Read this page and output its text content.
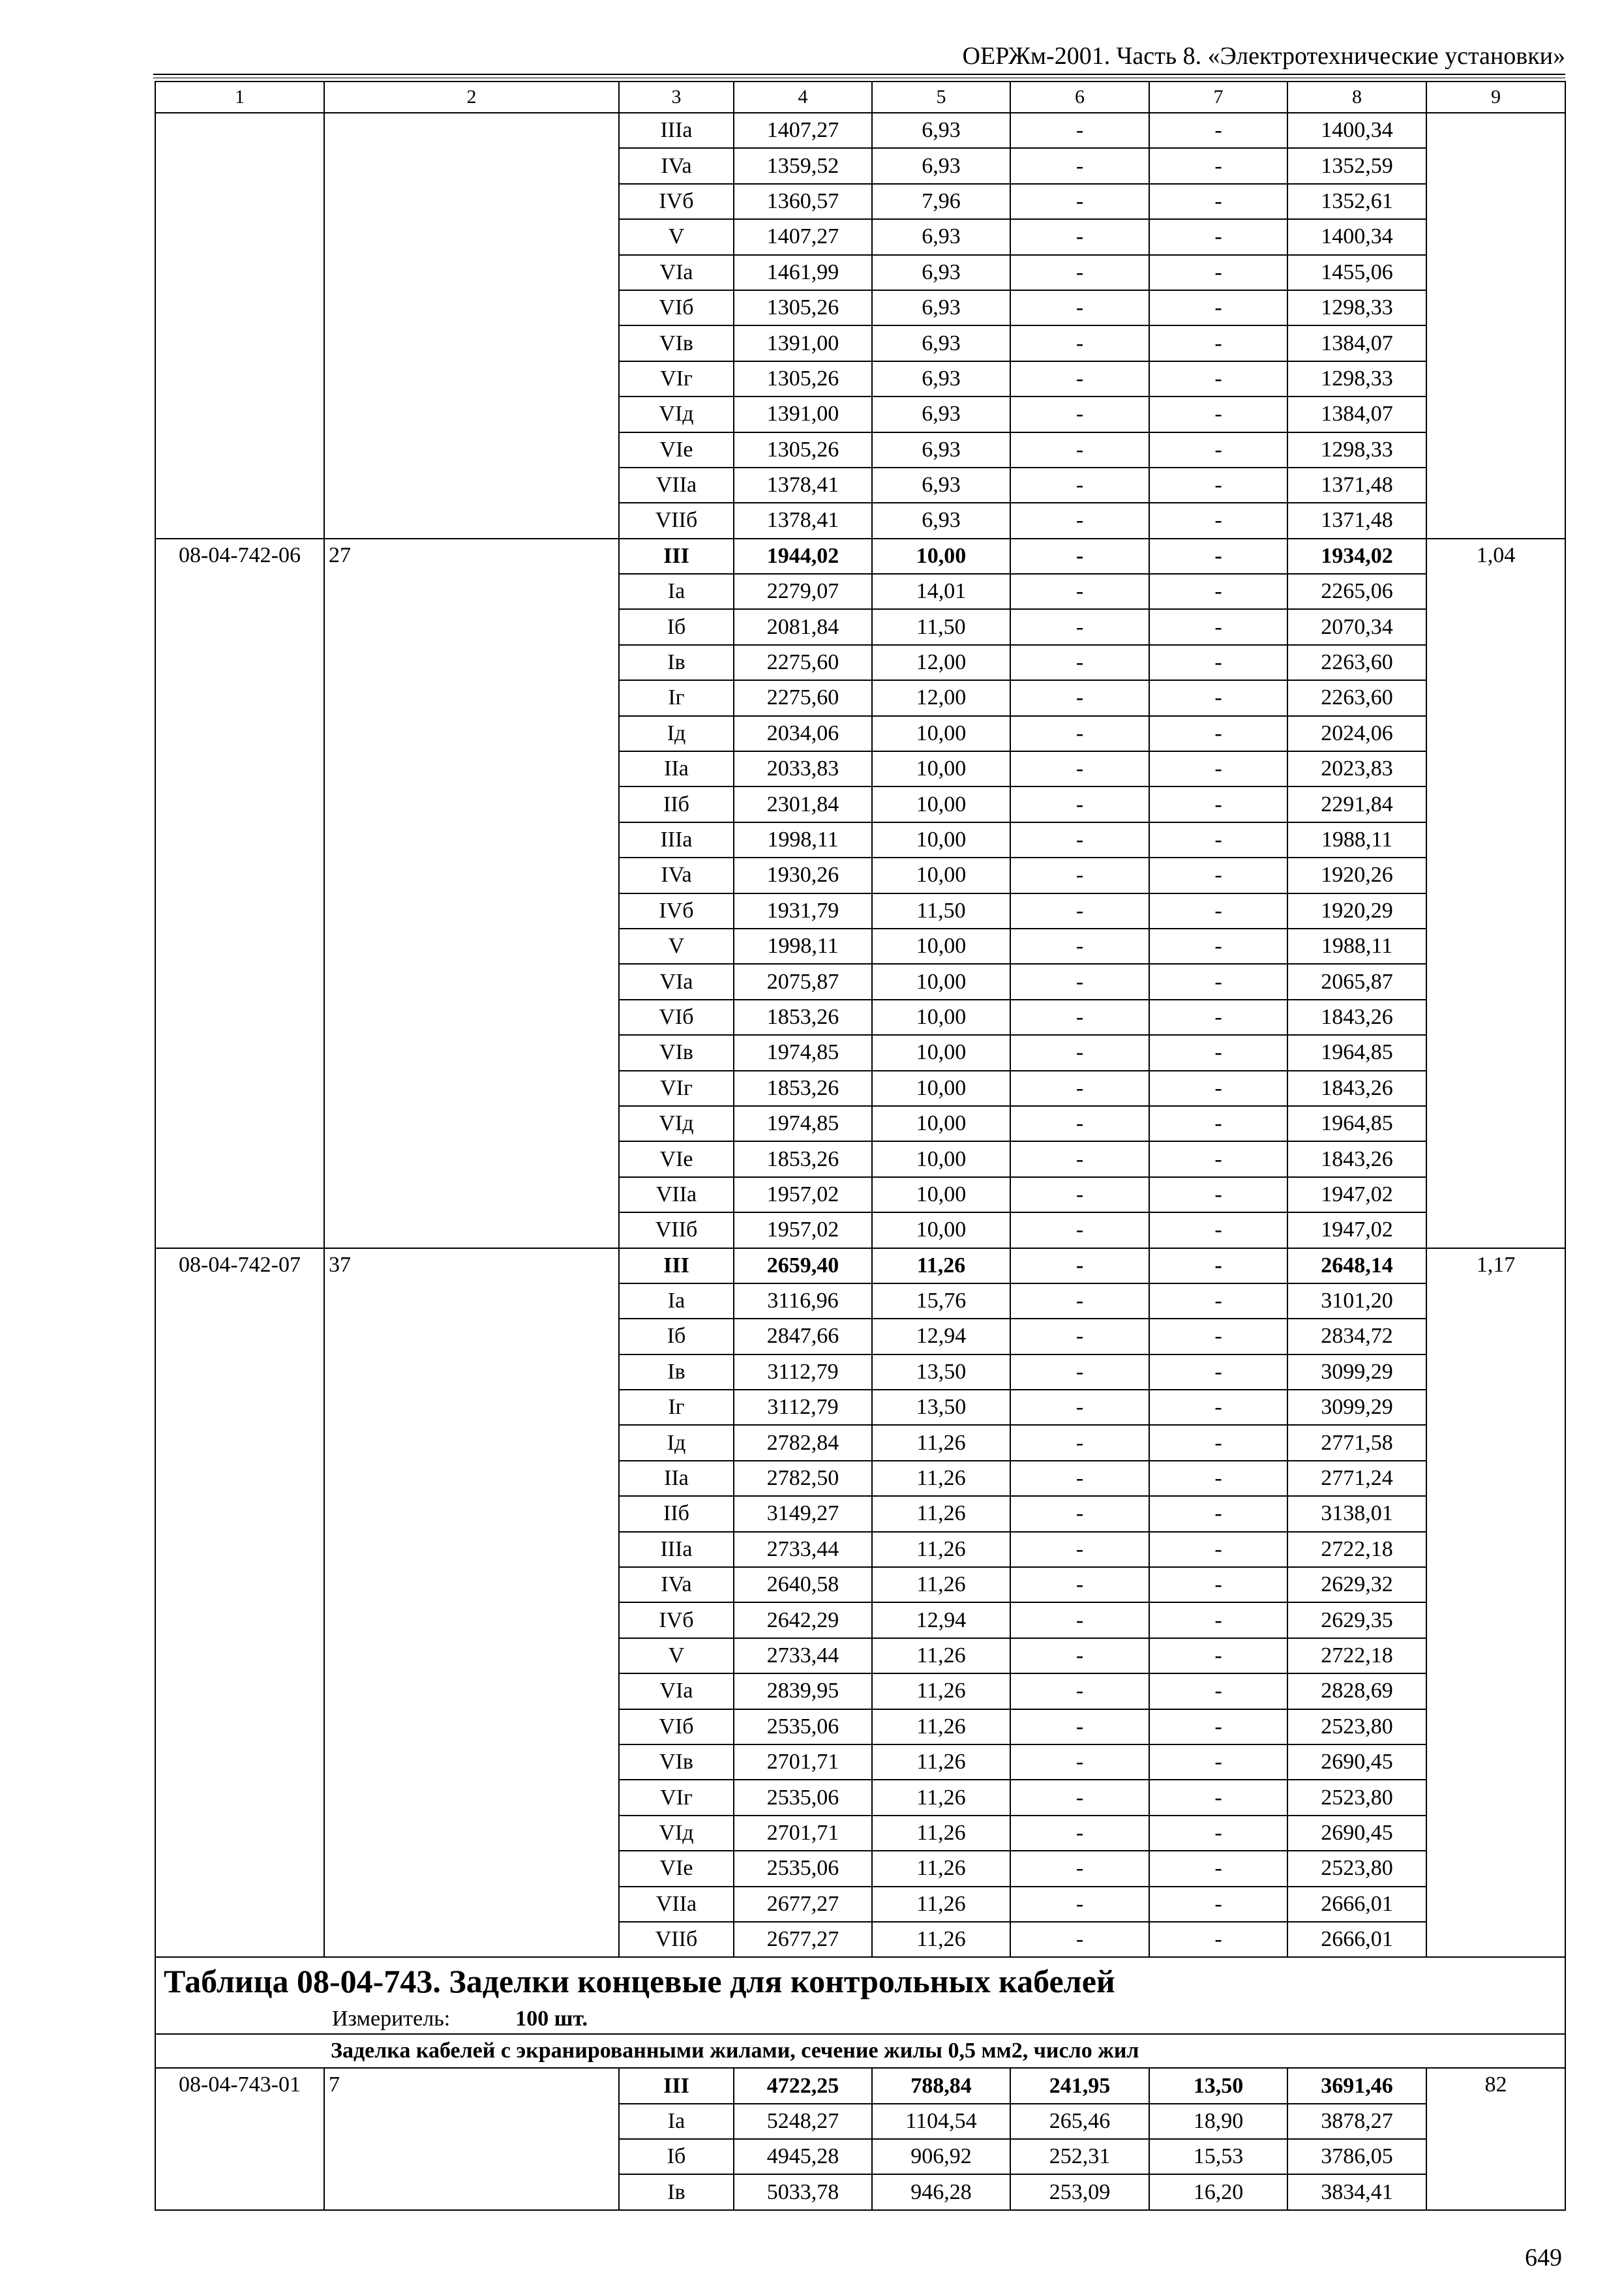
ОЕРЖм-2001. Часть 8. «Электротехнические установки»
1	2	3	4	5	6	7	8	9
		IIIa	1407,27	6,93	-	-	1400,34	
		IVa	1359,52	6,93	-	-	1352,59	
		IVб	1360,57	7,96	-	-	1352,61	
		V	1407,27	6,93	-	-	1400,34	
		VIa	1461,99	6,93	-	-	1455,06	
		VIб	1305,26	6,93	-	-	1298,33	
		VIв	1391,00	6,93	-	-	1384,07	
		VIг	1305,26	6,93	-	-	1298,33	
		VIд	1391,00	6,93	-	-	1384,07	
		VIe	1305,26	6,93	-	-	1298,33	
		VIIa	1378,41	6,93	-	-	1371,48	
		VIIб	1378,41	6,93	-	-	1371,48	
08-04-742-06	27	III	1944,02	10,00	-	-	1934,02	1,04
		Ia	2279,07	14,01	-	-	2265,06	
		Iб	2081,84	11,50	-	-	2070,34	
		Iв	2275,60	12,00	-	-	2263,60	
		Iг	2275,60	12,00	-	-	2263,60	
		Iд	2034,06	10,00	-	-	2024,06	
		IIa	2033,83	10,00	-	-	2023,83	
		IIб	2301,84	10,00	-	-	2291,84	
		IIIa	1998,11	10,00	-	-	1988,11	
		IVa	1930,26	10,00	-	-	1920,26	
		IVб	1931,79	11,50	-	-	1920,29	
		V	1998,11	10,00	-	-	1988,11	
		VIa	2075,87	10,00	-	-	2065,87	
		VIб	1853,26	10,00	-	-	1843,26	
		VIв	1974,85	10,00	-	-	1964,85	
		VIг	1853,26	10,00	-	-	1843,26	
		VIд	1974,85	10,00	-	-	1964,85	
		VIe	1853,26	10,00	-	-	1843,26	
		VIIa	1957,02	10,00	-	-	1947,02	
		VIIб	1957,02	10,00	-	-	1947,02	
08-04-742-07	37	III	2659,40	11,26	-	-	2648,14	1,17
		Ia	3116,96	15,76	-	-	3101,20	
		Iб	2847,66	12,94	-	-	2834,72	
		Iв	3112,79	13,50	-	-	3099,29	
		Iг	3112,79	13,50	-	-	3099,29	
		Iд	2782,84	11,26	-	-	2771,58	
		IIa	2782,50	11,26	-	-	2771,24	
		IIб	3149,27	11,26	-	-	3138,01	
		IIIa	2733,44	11,26	-	-	2722,18	
		IVa	2640,58	11,26	-	-	2629,32	
		IVб	2642,29	12,94	-	-	2629,35	
		V	2733,44	11,26	-	-	2722,18	
		VIa	2839,95	11,26	-	-	2828,69	
		VIб	2535,06	11,26	-	-	2523,80	
		VIв	2701,71	11,26	-	-	2690,45	
		VIг	2535,06	11,26	-	-	2523,80	
		VIд	2701,71	11,26	-	-	2690,45	
		VIe	2535,06	11,26	-	-	2523,80	
		VIIa	2677,27	11,26	-	-	2666,01	
		VIIб	2677,27	11,26	-	-	2666,01	
Таблица 08-04-743. Заделки концевые для контрольных кабелей								
Измеритель: 100 шт.								
Заделка кабелей с экранированными жилами, сечение жилы 0,5 мм2, число жил								
08-04-743-01	7	III	4722,25	788,84	241,95	13,50	3691,46	82
		Ia	5248,27	1104,54	265,46	18,90	3878,27	
		Iб	4945,28	906,92	252,31	15,53	3786,05	
		Iв	5033,78	946,28	253,09	16,20	3834,41	
649
